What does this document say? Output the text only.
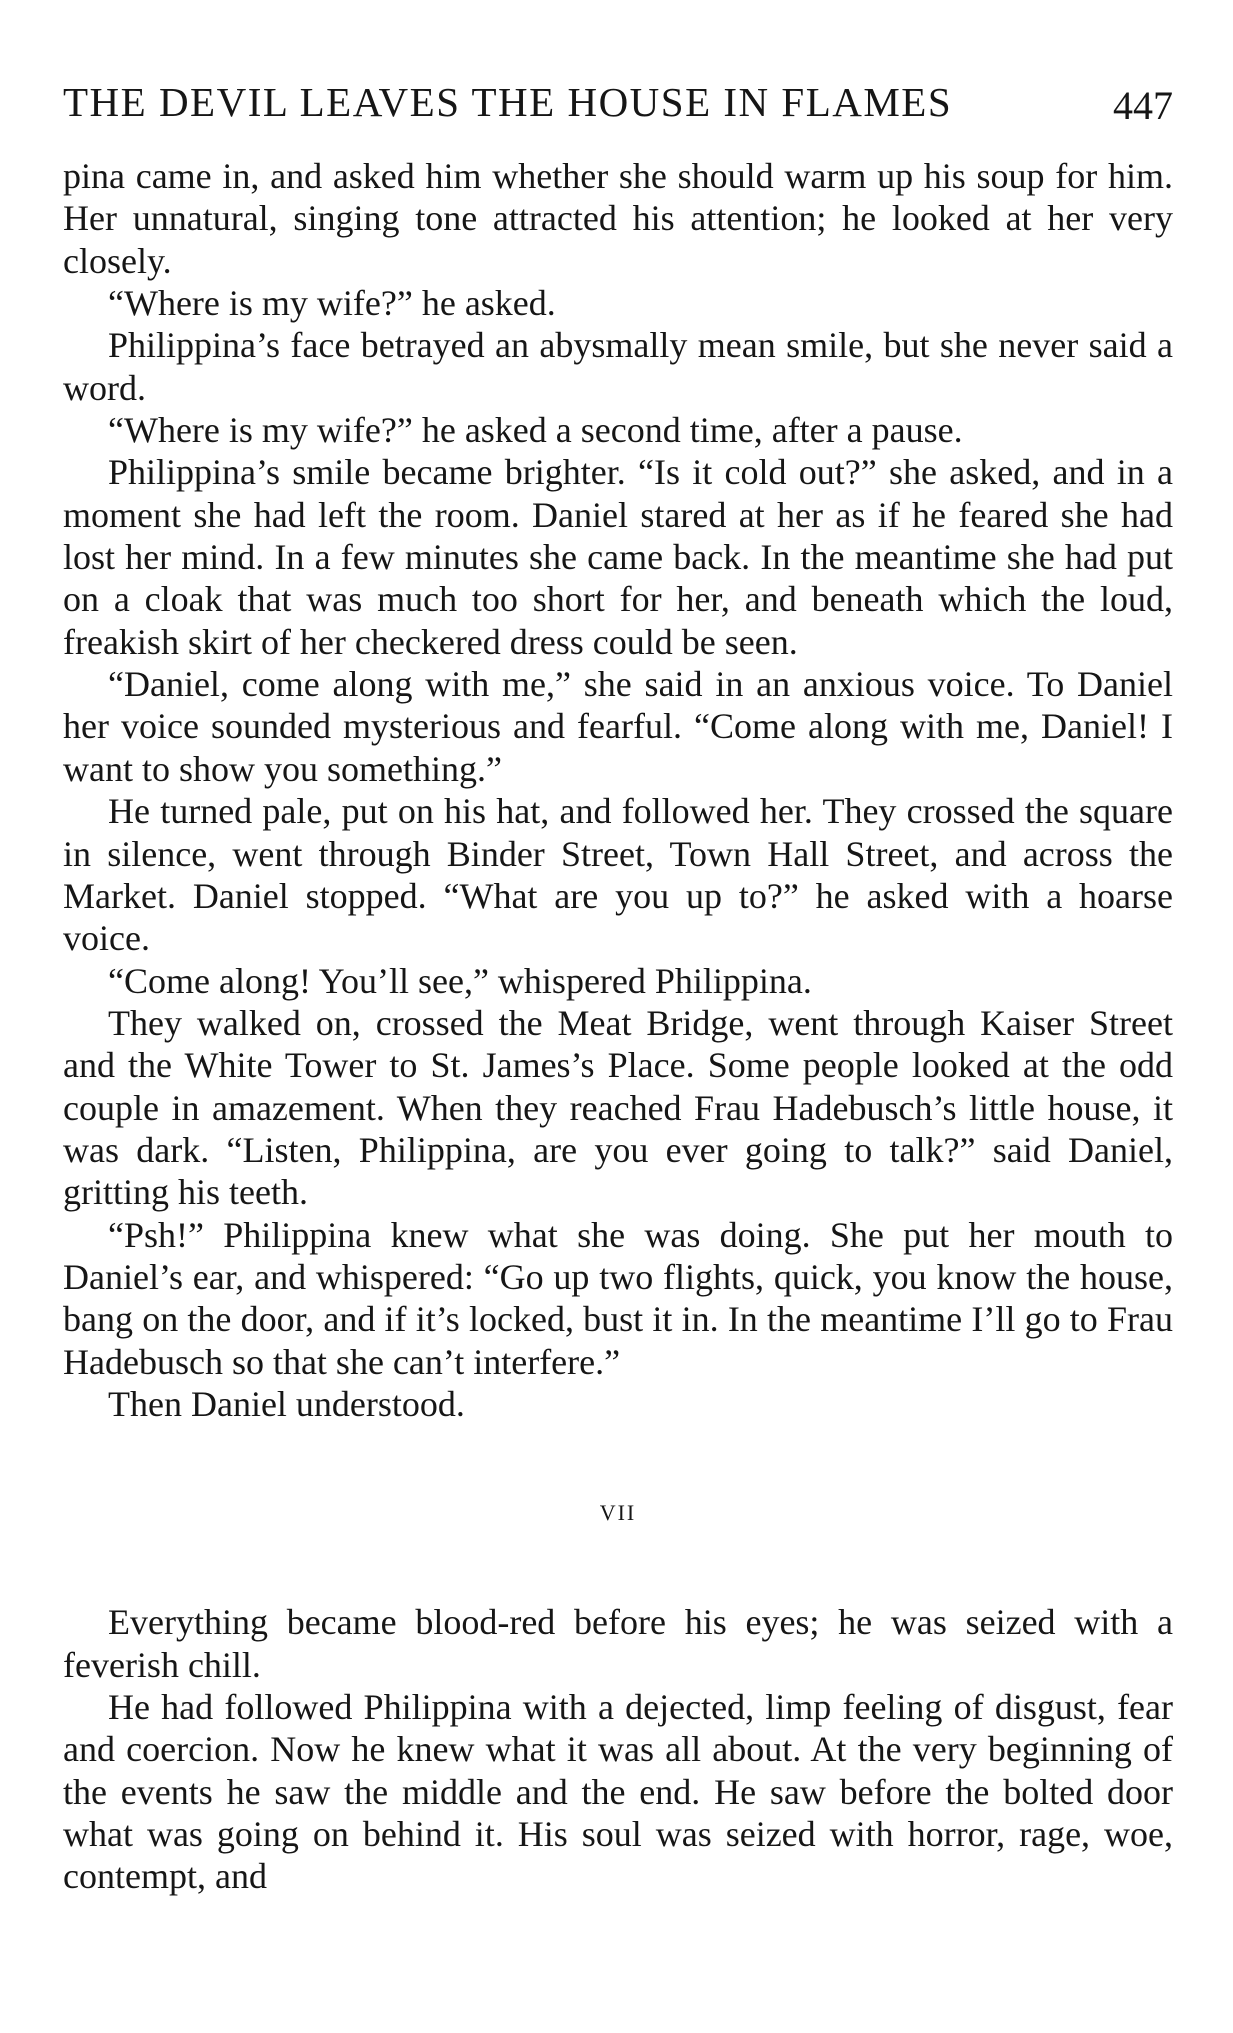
THE DEVIL LEAVES THE HOUSE IN FLAMES	447

pina came in, and asked him whether she should warm up his soup for him. Her unnatural, singing tone attracted his attention; he looked at her very closely.

“Where is my wife?” he asked.

Philippina’s face betrayed an abysmally mean smile, but she never said a word.

“Where is my wife?” he asked a second time, after a pause.

Philippina’s smile became brighter. “Is it cold out?” she asked, and in a moment she had left the room. Daniel stared at her as if he feared she had lost her mind. In a few minutes she came back. In the meantime she had put on a cloak that was much too short for her, and beneath which the loud, freakish skirt of her checkered dress could be seen.

“Daniel, come along with me,” she said in an anxious voice. To Daniel her voice sounded mysterious and fearful. “Come along with me, Daniel! I want to show you something.”

He turned pale, put on his hat, and followed her. They crossed the square in silence, went through Binder Street, Town Hall Street, and across the Market. Daniel stopped. “What are you up to?” he asked with a hoarse voice.

“Come along! You’ll see,” whispered Philippina.

They walked on, crossed the Meat Bridge, went through Kaiser Street and the White Tower to St. James’s Place. Some people looked at the odd couple in amazement. When they reached Frau Hadebusch’s little house, it was dark. “Listen, Philippina, are you ever going to talk?” said Daniel, gritting his teeth.

“Psh!” Philippina knew what she was doing. She put her mouth to Daniel’s ear, and whispered: “Go up two flights, quick, you know the house, bang on the door, and if it’s locked, bust it in. In the meantime I’ll go to Frau Hadebusch so that she can’t interfere.”

Then Daniel understood.

VII

Everything became blood-red before his eyes; he was seized with a feverish chill.

He had followed Philippina with a dejected, limp feeling of disgust, fear and coercion. Now he knew what it was all about. At the very beginning of the events he saw the middle and the end. He saw before the bolted door what was going on behind it. His soul was seized with horror, rage, woe, contempt, and
